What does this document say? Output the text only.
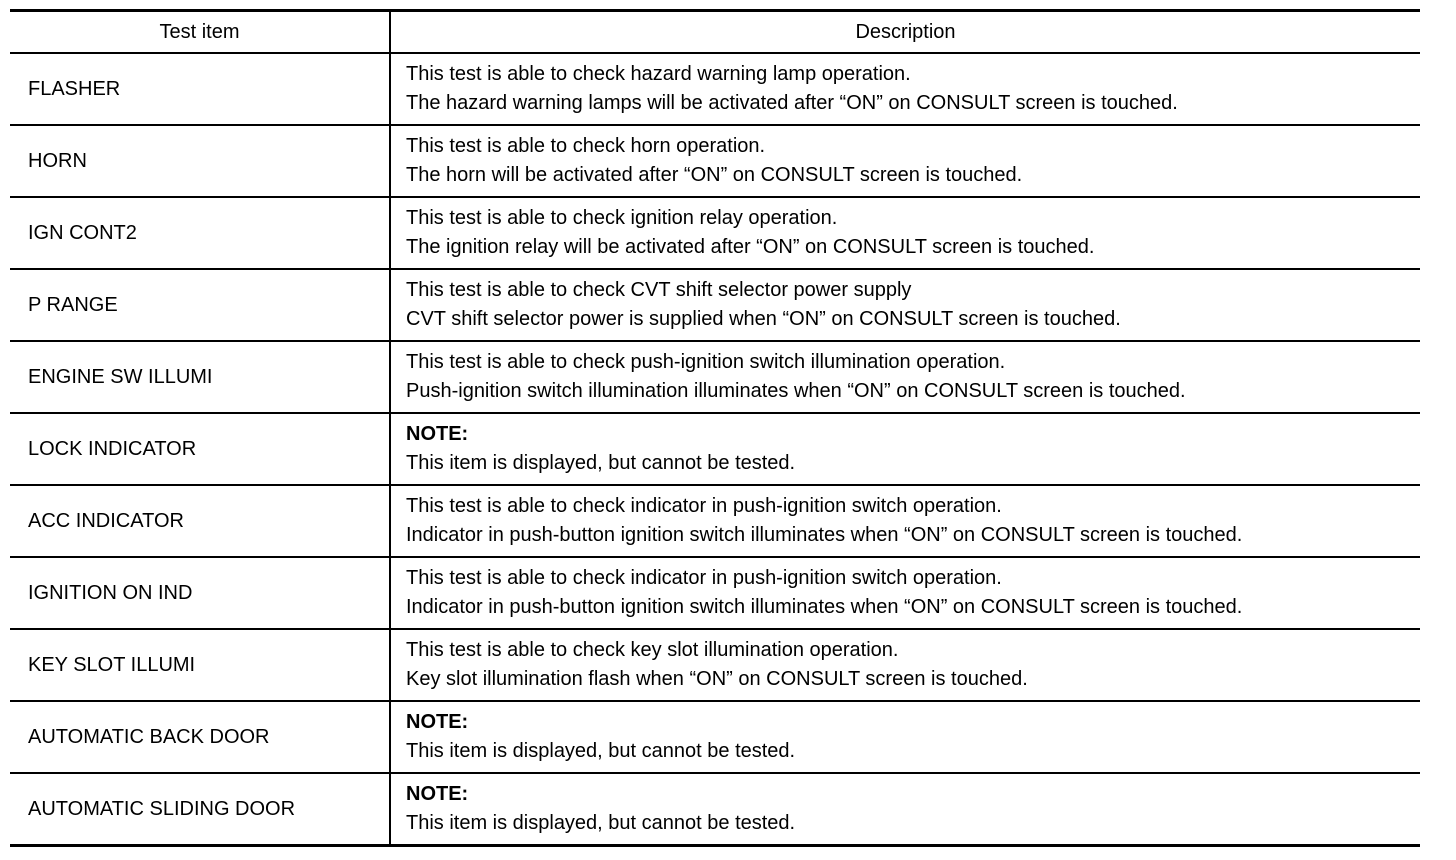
Test item	Description
FLASHER	This test is able to check hazard warning lamp operation.
The hazard warning lamps will be activated after “ON” on CONSULT screen is touched.

HORN	This test is able to check horn operation.
The horn will be activated after “ON” on CONSULT screen is touched.

IGN CONT2	This test is able to check ignition relay operation.
The ignition relay will be activated after “ON” on CONSULT screen is touched.

P RANGE	This test is able to check CVT shift selector power supply
CVT shift selector power is supplied when “ON” on CONSULT screen is touched.

ENGINE SW ILLUMI	This test is able to check push-ignition switch illumination operation.
Push-ignition switch illumination illuminates when “ON” on CONSULT screen is touched.

LOCK INDICATOR	NOTE:
This item is displayed, but cannot be tested.

ACC INDICATOR	This test is able to check indicator in push-ignition switch operation.
Indicator in push-button ignition switch illuminates when “ON” on CONSULT screen is touched.

IGNITION ON IND	This test is able to check indicator in push-ignition switch operation.
Indicator in push-button ignition switch illuminates when “ON” on CONSULT screen is touched.

KEY SLOT ILLUMI	This test is able to check key slot illumination operation.
Key slot illumination flash when “ON” on CONSULT screen is touched.

AUTOMATIC BACK DOOR	NOTE:
This item is displayed, but cannot be tested.

AUTOMATIC SLIDING DOOR	NOTE:
This item is displayed, but cannot be tested.
